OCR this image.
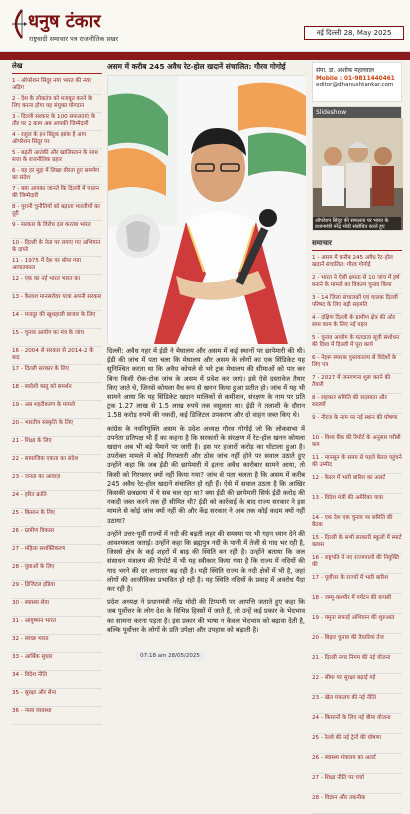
धनुष टंकार
राष्ट्रवादी समाचार पत्र राजनीतिक प्रखर
नई दिल्ली 28, May 2025
लेख
1 - ऑपरेशन सिंदूर नया भारत की नया अडिग
2 - देश के लोकतंत्र को मजबूत करने के लिए करना होगा यह संयुक्त योगदान
3 - दिल्ली सरकार के 100 सफलताएं के तौर पर 2 काम अब आपकी जिम्मेदारी
4 - राहुल के इन बिंदुक झांक है आप ऑपरेशन सिंदूर पर
5 - बढ़ती आतंकी और खालिस्तान के साथ सत्ता के राजनीतिक प्रहार
6 - वह हर मुद्दा में लिखा वीरता हुए समर्पण का संदेश
7 - क्या आपका जानते कि दिल्ली में पालन की जिम्मेदारी
8 - पुरानी चुनौतियों को बढ़ाता भारतीयों का दूरी
9 - सरकार के विरोध दल करतब भारत
10 - दिल्ली के नेता पर लगाए गए अभियान के दायरे
11 - 1975 में देश पर थोपा गया आपातकाल
12 - एक का नई भारत भारत का
13 - कैलाश मानसरोवर यात्रा अपनी सरकार
14 - मजदूर की खुशहाली बाजार के लिए
15 - चुनाव आयोग का मंत्र के जांच
16 - 2004 से सरकार से 2014-2 के बाद
17 - दिल्ली सरकार के लिए
18 - स्वदेशी वस्तु को समर्थन
19 - अब शहरीकरण के मामले
20 - भारतीय संस्कृति के लिए
21 - शिक्षा के लिए
22 - सामाजिक एकता का संदेश
23 - जनता का आवाज़
24 - हरित क्रांति
25 - किसान के लिए
26 - ग्रामीण विकास
27 - महिला सशक्तिकरण
28 - युवाओं के लिए
29 - डिजिटल इंडिया
30 - स्वास्थ्य सेवा
31 - आयुष्मान भारत
32 - स्वच्छ भारत
33 - आर्थिक सुधार
34 - विदेश नीति
35 - सुरक्षा और सेना
36 - न्याय व्यवस्था
असम में करीब 245 अवैध रेट-होल खदानें संचालित: गौरव गोगोई

दिल्ली: अवैध नहर में ईडी ने मेघालय और असम में कई स्थानों पर छापेमारी की थी। ईडी की जांच में पता चला कि मेघालय और असम के लोगों का एक सिंडिकेट यह सुनिश्चित करता था कि अवैध कोयले से भरे ट्रक मेघालय की सीमाओं को पार कर बिना किसी रोक-टोक जांच के असम में प्रवेश कर जाएं। इसे ऐसे दस्तावेज तैयार किए जाते थे, जिनसे कोयला वैध रूप से खनन किया हुआ प्रतीत हो। जांच में यह भी सामने आया कि यह सिंडिकेट खदान मालिकों से कमीशन, संरक्षण के नाम पर प्रति ट्रक 1.27 लाख से 1.5 लाख रुपये तक वसूलता था। ईडी ने तलाशी के दौरान 1.58 करोड़ रुपये की नकदी, कई डिजिटल उपकरण और दो वाहन जब्त किए थे।

कांग्रेस के नवनियुक्ति असम के प्रदेश अध्यक्ष गौरव गोगोई जो कि लोकसभा में उपनेता प्रतिपक्ष भी हैं का कहना है कि सरकारों के संरक्षण में रेट-होल खनन कोयला खदान अब भी बड़े पैमाने पर जारी है। इस पर हजारों करोड़ का घोटाला हुआ है। उपरोक्त मामले में कोई गिरफ्तारी और ठोस जांच नहीं होने पर सवाल उठाते हुए उन्होंने कहा कि जब ईडी की छापेमारी में इतना अवैध कारोबार सामने आया, तो किसी को गिरफ्तार क्यों नहीं किया गया? जांच से पता चलता है कि असम में करीब 245 अवैध रेट-होल खदानें संचालित हो रही हैं। ऐसे में सवाल उठता है कि आखिर किसकी छत्रछाया में ये सब चल रहा था? क्या ईडी की छापेमारी सिर्फ ईडी करोड़ की नकदी जब्त करने तक ही सीमित थी? ईडी को कार्रवाई के बाद राज्य सरकार ने इस मामले से कोई जांच क्यों नहीं की और केंद्र सरकार ने अब तक कोई कदम क्यों नहीं उठाया?

उन्होंने उत्तर-पूर्वी राज्यों में नदी की बढ़ती लहर की समस्या पर भी गहन ध्यान देने की आवश्यकता जताई। उन्होंने कहा कि ब्रह्मपुत्र नदी के पानी में तेजी से गाद भर रही है, जिससे क्षेत्र के कई शहरों में बाढ़ की स्थिति बन रही है। उन्होंने बताया कि जल संसाधन मंत्रालय की रिपोर्ट में भी यह स्वीकार किया गया है कि राज्य में नदियों की गाद भरने की दर लगातार बढ़ रही है। यही स्थिति राज्य के नदी क्षेत्रों में भी है, जहां लोगों की आजीविका प्रभावित हो रही है। यह स्थिति नदियों के प्रवाह में अवरोध पैदा कर रही है।

प्रदेश अध्यक्ष ने प्रधानमंत्री नरेंद्र मोदी की टिप्पणी पर आपत्ति जताते हुए कहा कि जब पूर्वोत्तर के लोग देश के विभिन्न हिस्सों में जाते हैं, तो उन्हें कई प्रकार के भेदभाव का सामना करना पड़ता है। इस प्रकार की भाषा न केवल भेदभाव को बढ़ावा देती है, बल्कि पूर्वोत्तर के लोगों के प्रति उपेक्षा और उपहास को बढ़ाती है।

07:18 am 28/05/2025
संपा. डा. अशोक महलवाल
Mobile : 01-9811440461
editor@dhanushtankar.com
Slideshow
ऑपरेशन सिंदूर की सफलता पर भारत के प्रधानमंत्री नरेंद्र मोदी संबोधित करते हुए
समाचार
1 - असम में करीब 245 अवैध रेट-होल खदानें संचालित: गौरव गोगोई
2 - भारत ने ऐसी क्षमता से 10 जांच में हर्ष बनाने के मामले का विकल्प चुनाव किया
3 - 14 जिला संचालकों एवं चालक दिल्ली परिषद के लिए बड़ी सहमति
4 - दक्षिण दिल्ली के ग्रामीण क्षेत्र की ओर साथ काम के लिए नई पहल
5 - चुनाव आयोग के मतदाता सूची संशोधन की दिशा में दिल्ली में पूरा कार्य
6 - नेहरू स्मारक पुस्तकालय से विदेशों के लिए पत्र
7 - 2027 में जनगणना शुरू करने की तैयारी
8 - सहकार समिति की सदस्यता और सदस्यों
9 - नीरज के नाम पर नई स्थान की घोषणा
10 - विश्व बैंक की रिपोर्ट के अनुसार गरीबी कम
11 - मानसून के समय से पहले केरल पहुंचने की उम्मीद
12 - केरल में भारी बारिश का अलर्ट
13 - विदेश मंत्री की अमेरिका यात्रा
14 - एक देश एक चुनाव पर समिति की बैठक
15 - दिल्ली के सभी सरकारी स्कूलों में स्मार्ट क्लास
16 - राष्ट्रपति ने नए राज्यपालों की नियुक्ति की
17 - पूर्वोत्तर के राज्यों में भारी बारिश
18 - जम्मू-कश्मीर में पर्यटन की वापसी
19 - यमुना सफाई अभियान की शुरुआत
20 - बिहार चुनाव की तैयारियां तेज
21 - दिल्ली नगर निगम की नई योजना
22 - सीमा पर सुरक्षा बढ़ाई गई
23 - खेल मंत्रालय की नई नीति
24 - किसानों के लिए नई बीमा योजना
25 - रेलवे की नई ट्रेनों की घोषणा
26 - स्वास्थ्य मंत्रालय का अलर्ट
27 - शिक्षा नीति पर चर्चा
28 - विज्ञान और तकनीक
